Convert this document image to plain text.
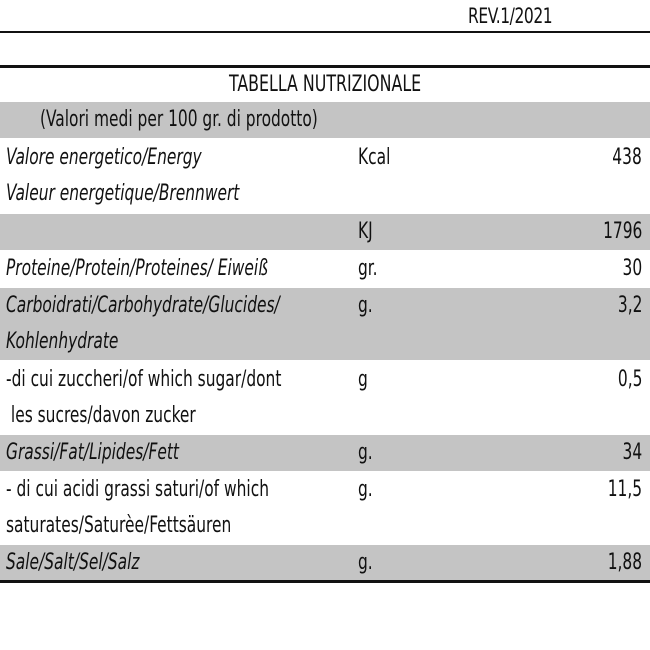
REV.1/2021
TABELLA NUTRIZIONALE
(Valori medi per 100 gr. di prodotto)
Valore energetico/Energy
Valeur energetique/Brennwert
Kcal	438
KJ	1796
Proteine/Protein/Proteines/ Eiweiß	gr.	30
Carboidrati/Carbohydrate/Glucides/
Kohlenhydrate
g.	3,2
-di cui zuccheri/of which sugar/dont
les sucres/davon zucker
g	0,5
Grassi/Fat/Lipides/Fett	g.	34
- di cui acidi grassi saturi/of which
saturates/Saturèe/Fettsäuren
g.	11,5
Sale/Salt/Sel/Salz	g.	1,88
